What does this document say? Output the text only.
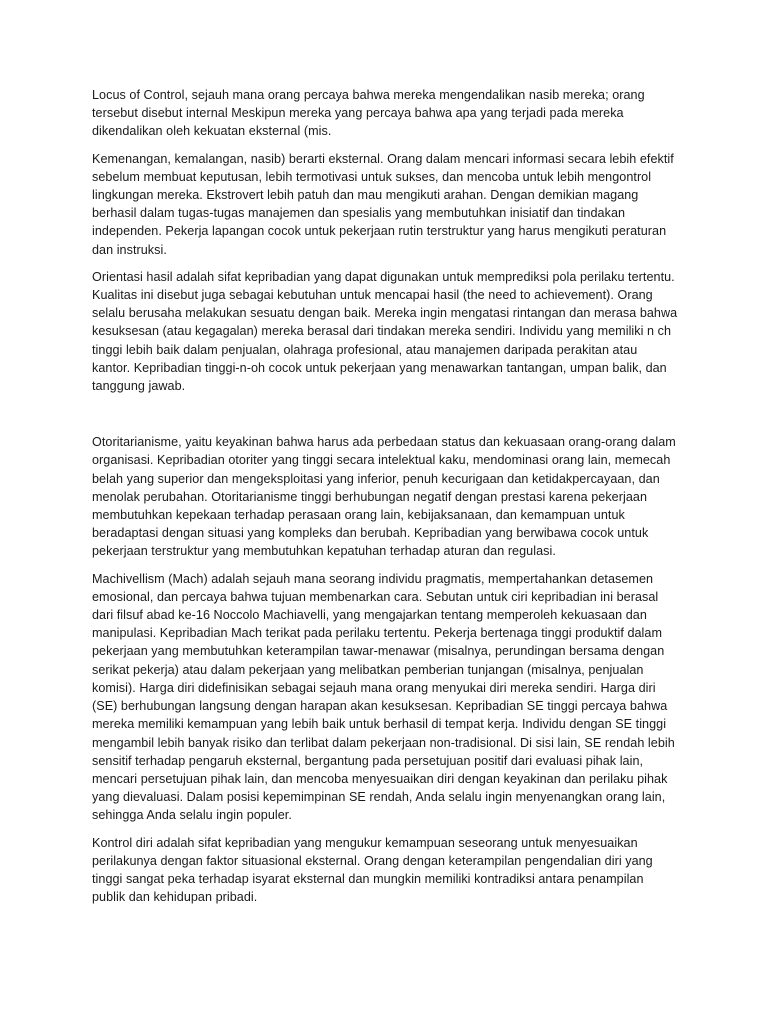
Locus of Control, sejauh mana orang percaya bahwa mereka mengendalikan nasib mereka; orang tersebut disebut internal Meskipun mereka yang percaya bahwa apa yang terjadi pada mereka dikendalikan oleh kekuatan eksternal (mis.

Kemenangan, kemalangan, nasib) berarti eksternal. Orang dalam mencari informasi secara lebih efektif sebelum membuat keputusan, lebih termotivasi untuk sukses, dan mencoba untuk lebih mengontrol lingkungan mereka. Ekstrovert lebih patuh dan mau mengikuti arahan. Dengan demikian magang berhasil dalam tugas-tugas manajemen dan spesialis yang membutuhkan inisiatif dan tindakan independen. Pekerja lapangan cocok untuk pekerjaan rutin terstruktur yang harus mengikuti peraturan dan instruksi.

Orientasi hasil adalah sifat kepribadian yang dapat digunakan untuk memprediksi pola perilaku tertentu. Kualitas ini disebut juga sebagai kebutuhan untuk mencapai hasil (the need to achievement). Orang selalu berusaha melakukan sesuatu dengan baik. Mereka ingin mengatasi rintangan dan merasa bahwa kesuksesan (atau kegagalan) mereka berasal dari tindakan mereka sendiri. Individu yang memiliki n ch tinggi lebih baik dalam penjualan, olahraga profesional, atau manajemen daripada perakitan atau kantor. Kepribadian tinggi-n-oh cocok untuk pekerjaan yang menawarkan tantangan, umpan balik, dan tanggung jawab.

Otoritarianisme, yaitu keyakinan bahwa harus ada perbedaan status dan kekuasaan orang-orang dalam organisasi. Kepribadian otoriter yang tinggi secara intelektual kaku, mendominasi orang lain, memecah belah yang superior dan mengeksploitasi yang inferior, penuh kecurigaan dan ketidakpercayaan, dan menolak perubahan. Otoritarianisme tinggi berhubungan negatif dengan prestasi karena pekerjaan membutuhkan kepekaan terhadap perasaan orang lain, kebijaksanaan, dan kemampuan untuk beradaptasi dengan situasi yang kompleks dan berubah. Kepribadian yang berwibawa cocok untuk pekerjaan terstruktur yang membutuhkan kepatuhan terhadap aturan dan regulasi.

Machivellism (Mach) adalah sejauh mana seorang individu pragmatis, mempertahankan detasemen emosional, dan percaya bahwa tujuan membenarkan cara. Sebutan untuk ciri kepribadian ini berasal dari filsuf abad ke-16 Noccolo Machiavelli, yang mengajarkan tentang memperoleh kekuasaan dan manipulasi. Kepribadian Mach terikat pada perilaku tertentu. Pekerja bertenaga tinggi produktif dalam pekerjaan yang membutuhkan keterampilan tawar-menawar (misalnya, perundingan bersama dengan serikat pekerja) atau dalam pekerjaan yang melibatkan pemberian tunjangan (misalnya, penjualan komisi). Harga diri didefinisikan sebagai sejauh mana orang menyukai diri mereka sendiri. Harga diri (SE) berhubungan langsung dengan harapan akan kesuksesan. Kepribadian SE tinggi percaya bahwa mereka memiliki kemampuan yang lebih baik untuk berhasil di tempat kerja. Individu dengan SE tinggi mengambil lebih banyak risiko dan terlibat dalam pekerjaan non-tradisional. Di sisi lain, SE rendah lebih sensitif terhadap pengaruh eksternal, bergantung pada persetujuan positif dari evaluasi pihak lain, mencari persetujuan pihak lain, dan mencoba menyesuaikan diri dengan keyakinan dan perilaku pihak yang dievaluasi. Dalam posisi kepemimpinan SE rendah, Anda selalu ingin menyenangkan orang lain, sehingga Anda selalu ingin populer.

Kontrol diri adalah sifat kepribadian yang mengukur kemampuan seseorang untuk menyesuaikan perilakunya dengan faktor situasional eksternal. Orang dengan keterampilan pengendalian diri yang tinggi sangat peka terhadap isyarat eksternal dan mungkin memiliki kontradiksi antara penampilan publik dan kehidupan pribadi.
